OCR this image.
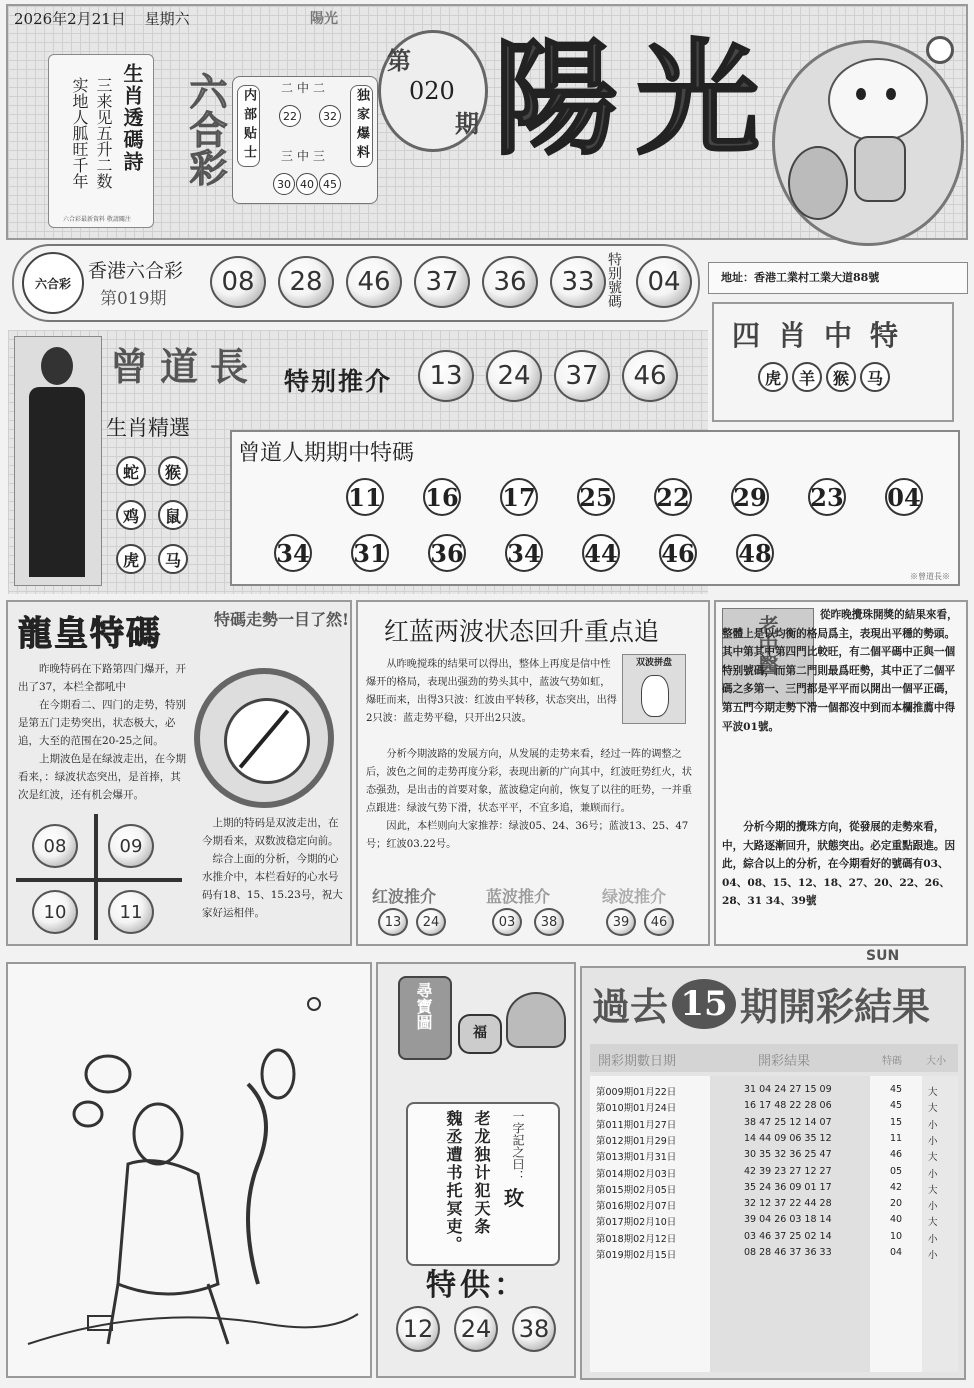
2026年2月21日 星期六	陽光
生肖透碼詩
三来见五升二数
实地人胍旺千年
六合彩最新資料 敬請關注
六合彩	内部贴士	独家爆料
二中二
22	32
三中三
30 40 45
第
020
期 陽光
六合彩
香港六合彩
第019期
08	28	46	37	36	33 特别號碼 04	地址：香港工業村工業大道88號
四肖中特
虎	羊	猴	马
曾道長 特别推介	13	24	37	46
生肖精選
蛇	猴
鸡	鼠
虎	马
曾道人期期中特碼
※曾道長※
11 16 17 25 22 29 23 04
34 31 36 34 44 46 48
龍皇特碼	特碼走勢一目了然!

昨晚特码在下路第四门爆开，开出了37，本栏全都吼中

在今期看二、四门的走势，特别是第五门走势突出，状态极大，必追，大至的范围在20-25之间。

上期波色是在绿波走出，在今期看来，：绿波状态突出，是首捧，其次是红波，还有机会爆开。

上期的特码是双波走出，在今期看来，双数波稳定向前。

综合上面的分析，今期的心水推介中，本栏看好的心水号码有18、15、15.23号，祝大家好运相伴。

08	09
10	11
红蓝两波状态回升重点追
双波拼盘

从昨晚搅珠的结果可以得出，整体上再度是信中性爆开的格局，表现出强劲的势头其中，蓝波气势如虹，爆旺而来，出得3只波：红波由平转移，状态突出，出得2只波：蓝走势平稳，只开出2只波。

分析今期波路的发展方向，从发展的走势来看，经过一阵的调整之后，波色之间的走势再度分彩，表现出新的广向其中，红波旺势红火，状态强劲，是出击的首要对象，蓝波稳定向前，恢复了以往的旺势，一并重点跟进：绿波气势下滑，状态平平，不宜多追，兼顾而行。

因此，本栏则向大家推荐：绿波05、24、36号；蓝波13、25、47号；红波03.22号。

红波推介	蓝波推介	绿波推介
13	24	03	38	39	46
老中醫	從昨晚攪珠開獎的結果來看，整體上是以均衡的格局爲主，表現出平穩的勢頭。其中第其中第四門比較旺，有二個平碼中正與一個特别號碼，而第二門則最爲旺勢，其中正了二個平碼之多第一、三門都是平平而以開出一個平正碼，第五門今期走勢下滑一個都沒中到而本欄推薦中得平波01號。
分析今期的攪珠方向，從發展的走勢來看，中，大路逐漸回升，狀態突出。必定重點跟進。因此，綜合以上的分析，在今期看好的號碼有03、04、08、15、12、18、27、20、22、26、28、31 34、39號
尋寶圖
福
老龙独计犯天条
魏丞遭书托冥吏。	一字記之曰：
玫
特供：
12 24 38
SUN
過去 15 期開彩結果
開彩期數日期	開彩結果	特碼 大小
第009期01月22日	31 04 24 27 15 09	45	大
第010期01月24日	16 17 48 22 28 06	45	大
第011期01月27日	38 47 25 12 14 07	15	小
第012期01月29日	14 44 09 06 35 12	11	小
第013期01月31日	30 35 32 36 25 47	46	大
第014期02月03日	42 39 23 27 12 27	05	小
第015期02月05日	35 24 36 09 01 17	42	大
第016期02月07日	32 12 37 22 44 28	20	小
第017期02月10日	39 04 26 03 18 14	40	大
第018期02月12日	03 46 37 25 02 14	10	小
第019期02月15日	08 28 46 37 36 33	04	小
